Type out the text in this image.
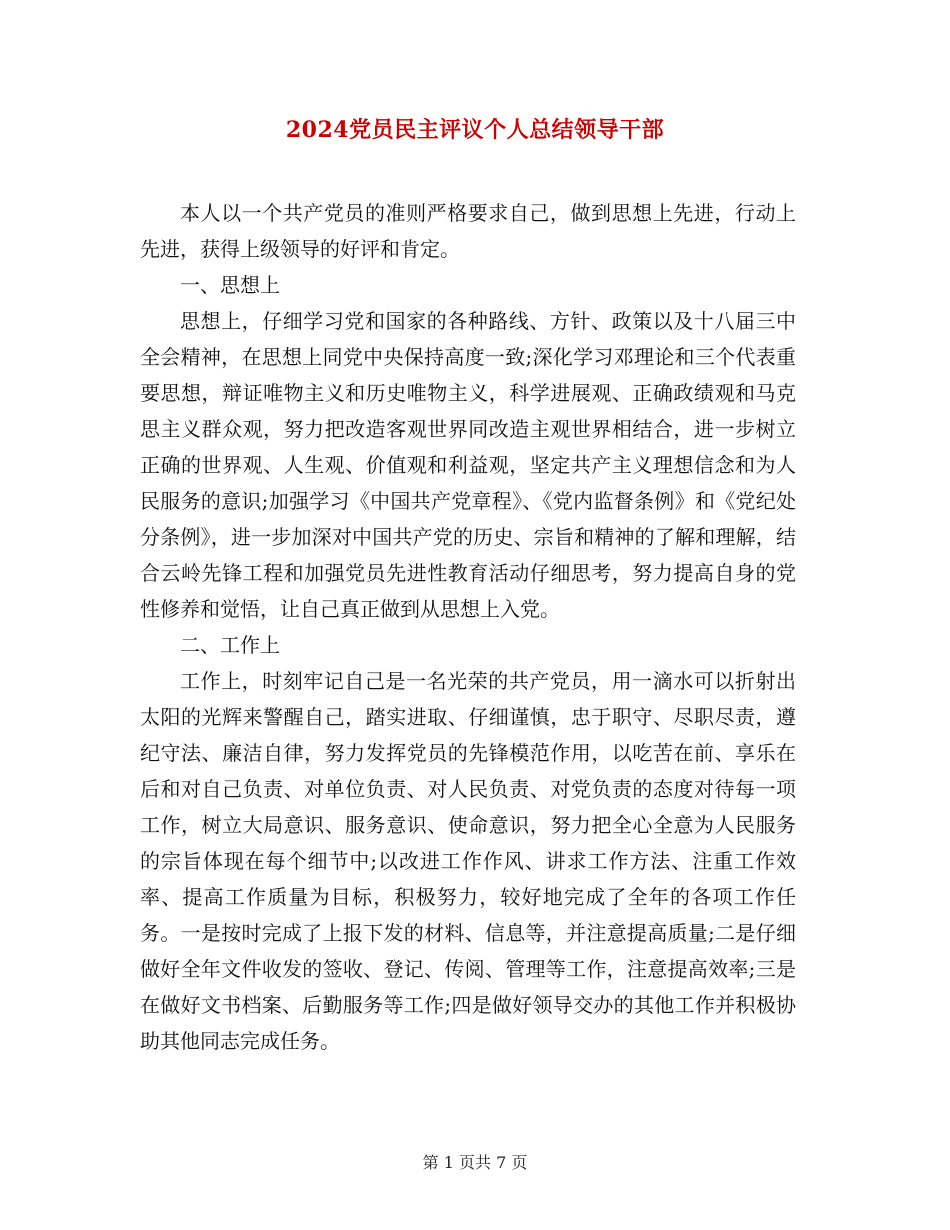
2024党员民主评议个人总结领导干部

本人以一个共产党员的准则严格要求自己，做到思想上先进，行动上先进，获得上级领导的好评和肯定。

一、思想上

思想上，仔细学习党和国家的各种路线、方针、政策以及十八届三中全会精神，在思想上同党中央保持高度一致;深化学习邓理论和三个代表重要思想，辩证唯物主义和历史唯物主义，科学进展观、正确政绩观和马克思主义群众观，努力把改造客观世界同改造主观世界相结合，进一步树立正确的世界观、人生观、价值观和利益观，坚定共产主义理想信念和为人民服务的意识;加强学习《中国共产党章程》、《党内监督条例》和《党纪处分条例》，进一步加深对中国共产党的历史、宗旨和精神的了解和理解，结合云岭先锋工程和加强党员先进性教育活动仔细思考，努力提高自身的党性修养和觉悟，让自己真正做到从思想上入党。

二、工作上

工作上，时刻牢记自己是一名光荣的共产党员，用一滴水可以折射出太阳的光辉来警醒自己，踏实进取、仔细谨慎，忠于职守、尽职尽责，遵纪守法、廉洁自律，努力发挥党员的先锋模范作用，以吃苦在前、享乐在后和对自己负责、对单位负责、对人民负责、对党负责的态度对待每一项工作，树立大局意识、服务意识、使命意识，努力把全心全意为人民服务的宗旨体现在每个细节中;以改进工作作风、讲求工作方法、注重工作效率、提高工作质量为目标，积极努力，较好地完成了全年的各项工作任务。一是按时完成了上报下发的材料、信息等，并注意提高质量;二是仔细做好全年文件收发的签收、登记、传阅、管理等工作，注意提高效率;三是在做好文书档案、后勤服务等工作;四是做好领导交办的其他工作并积极协助其他同志完成任务。

第 1 页共 7 页
